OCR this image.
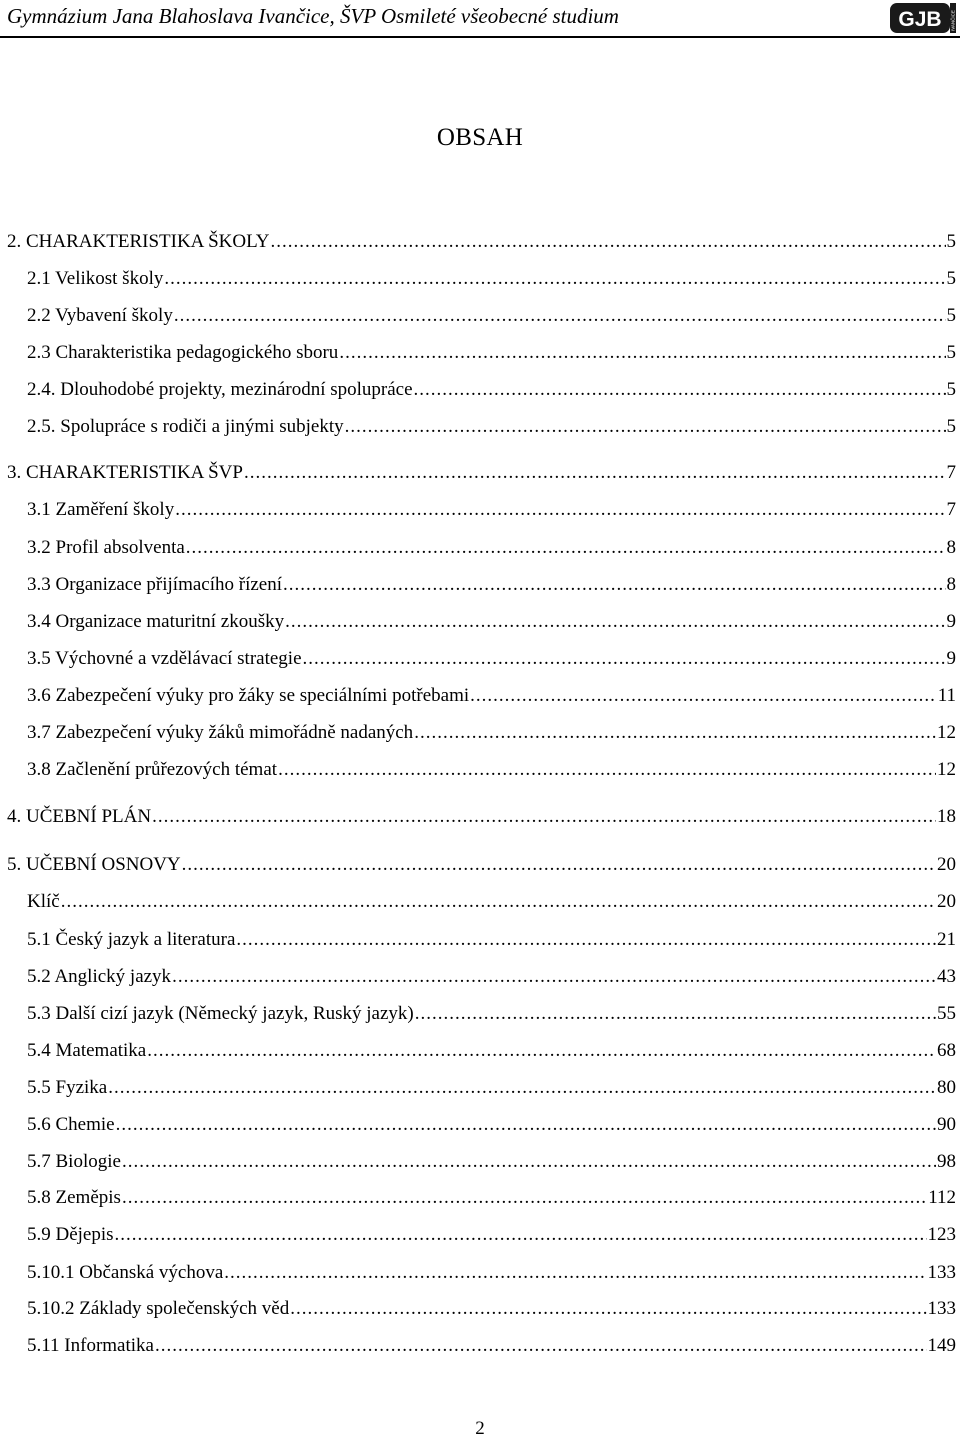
Gymnázium Jana Blahoslava Ivančice, ŠVP Osmileté všeobecné studium	GJB IVANČICE
OBSAH
2. CHARAKTERISTIKA ŠKOLY .....	5
2.1 Velikost školy .....	5
2.2 Vybavení školy .....	5
2.3 Charakteristika pedagogického sboru .....	5
2.4. Dlouhodobé projekty, mezinárodní spolupráce .....	5
2.5. Spolupráce s rodiči a jinými subjekty .....	5
3. CHARAKTERISTIKA ŠVP .....	7
3.1 Zaměření školy .....	7
3.2 Profil absolventa .....	8
3.3 Organizace přijímacího řízení .....	8
3.4 Organizace maturitní zkoušky .....	9
3.5 Výchovné a vzdělávací strategie .....	9
3.6 Zabezpečení výuky pro žáky se speciálními potřebami .....	11
3.7 Zabezpečení výuky žáků mimořádně nadaných .....	12
3.8 Začlenění průřezových témat .....	12
4. UČEBNÍ PLÁN .....	18
5. UČEBNÍ OSNOVY .....	20
Klíč .....	20
5.1 Český jazyk a literatura .....	21
5.2 Anglický jazyk .....	43
5.3 Další cizí jazyk (Německý jazyk, Ruský jazyk) .....	55
5.4 Matematika .....	68
5.5 Fyzika .....	80
5.6 Chemie .....	90
5.7 Biologie .....	98
5.8 Zeměpis .....	112
5.9 Dějepis .....	123
5.10.1 Občanská výchova .....	133
5.10.2 Základy společenských věd .....	133
5.11 Informatika .....	149
2
